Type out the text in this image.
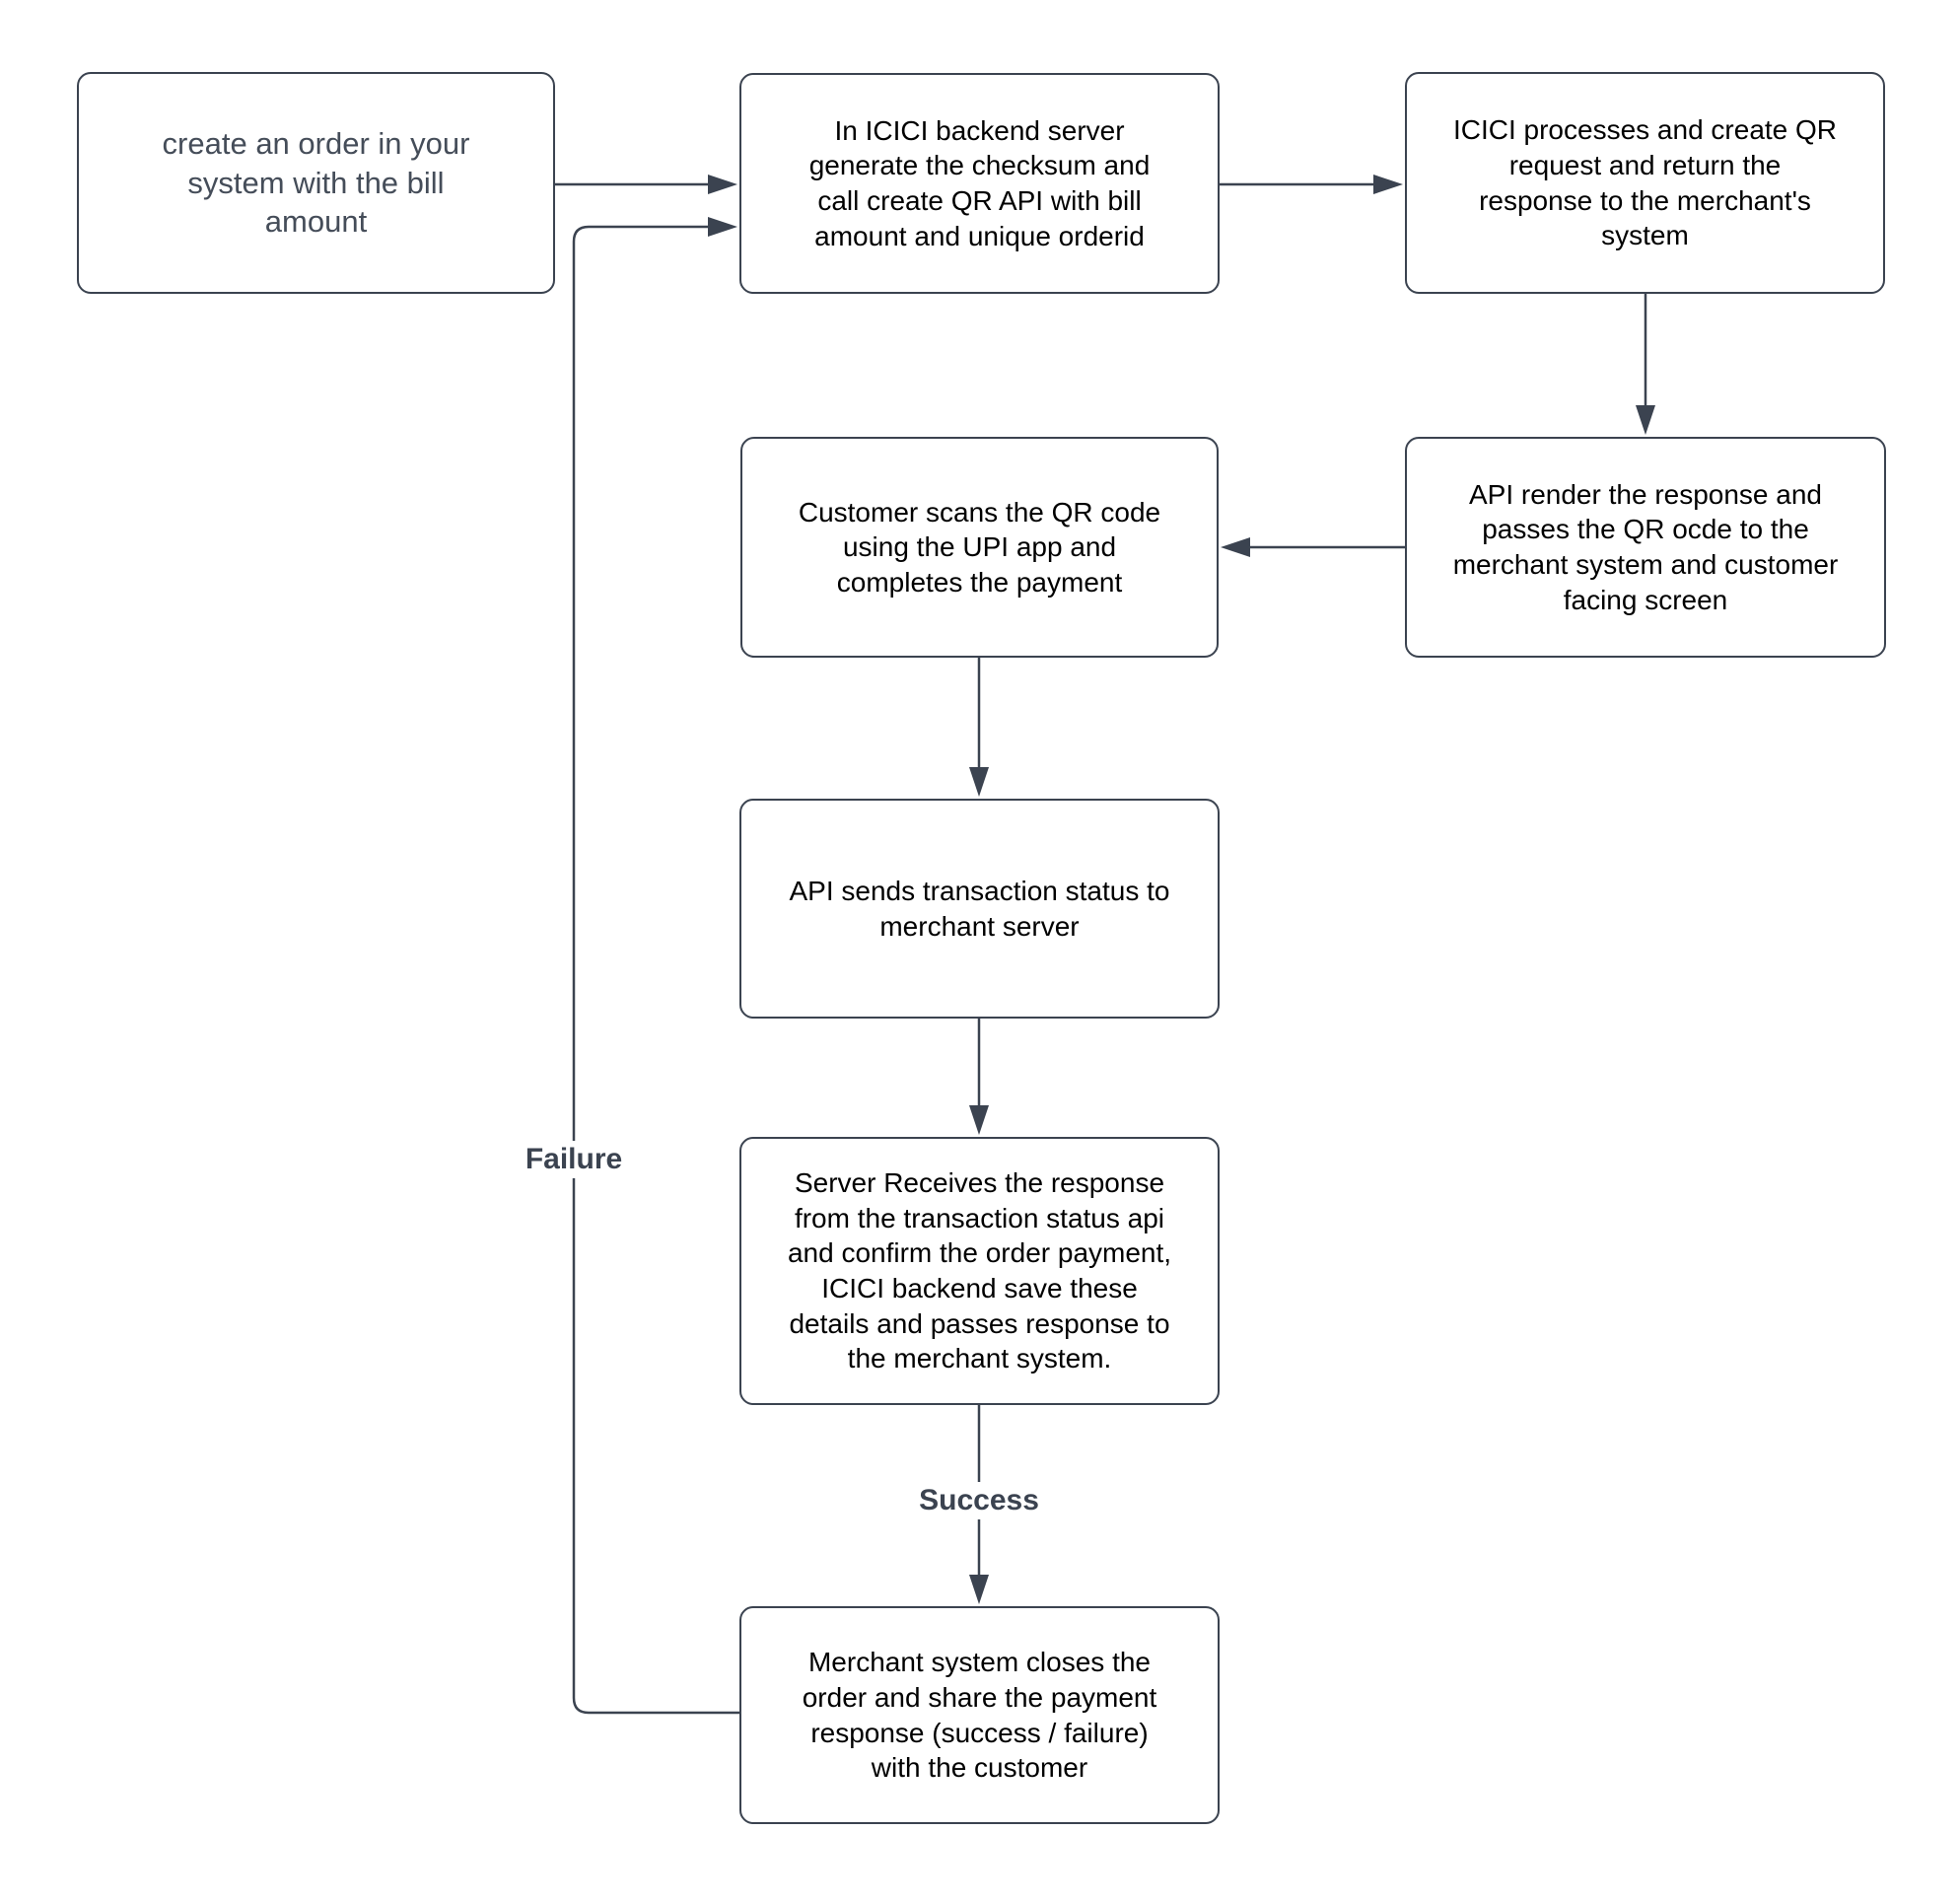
create an order in your
system with the bill
amount
In ICICI backend server
generate the checksum and
call create QR API with bill
amount and unique orderid
ICICI processes and create QR
request and return the
response to the merchant's
system
API render the response and
passes the QR ocde to the
merchant system and customer
facing screen
Customer scans the QR code
using the UPI app and
completes the payment
API sends transaction status to
merchant server
Server Receives the response
from the transaction status api
and confirm the order payment,
ICICI backend save these
details and passes response to
the merchant system.
Merchant system closes the
order and share the payment
response (success / failure)
with the customer
Failure
Success
